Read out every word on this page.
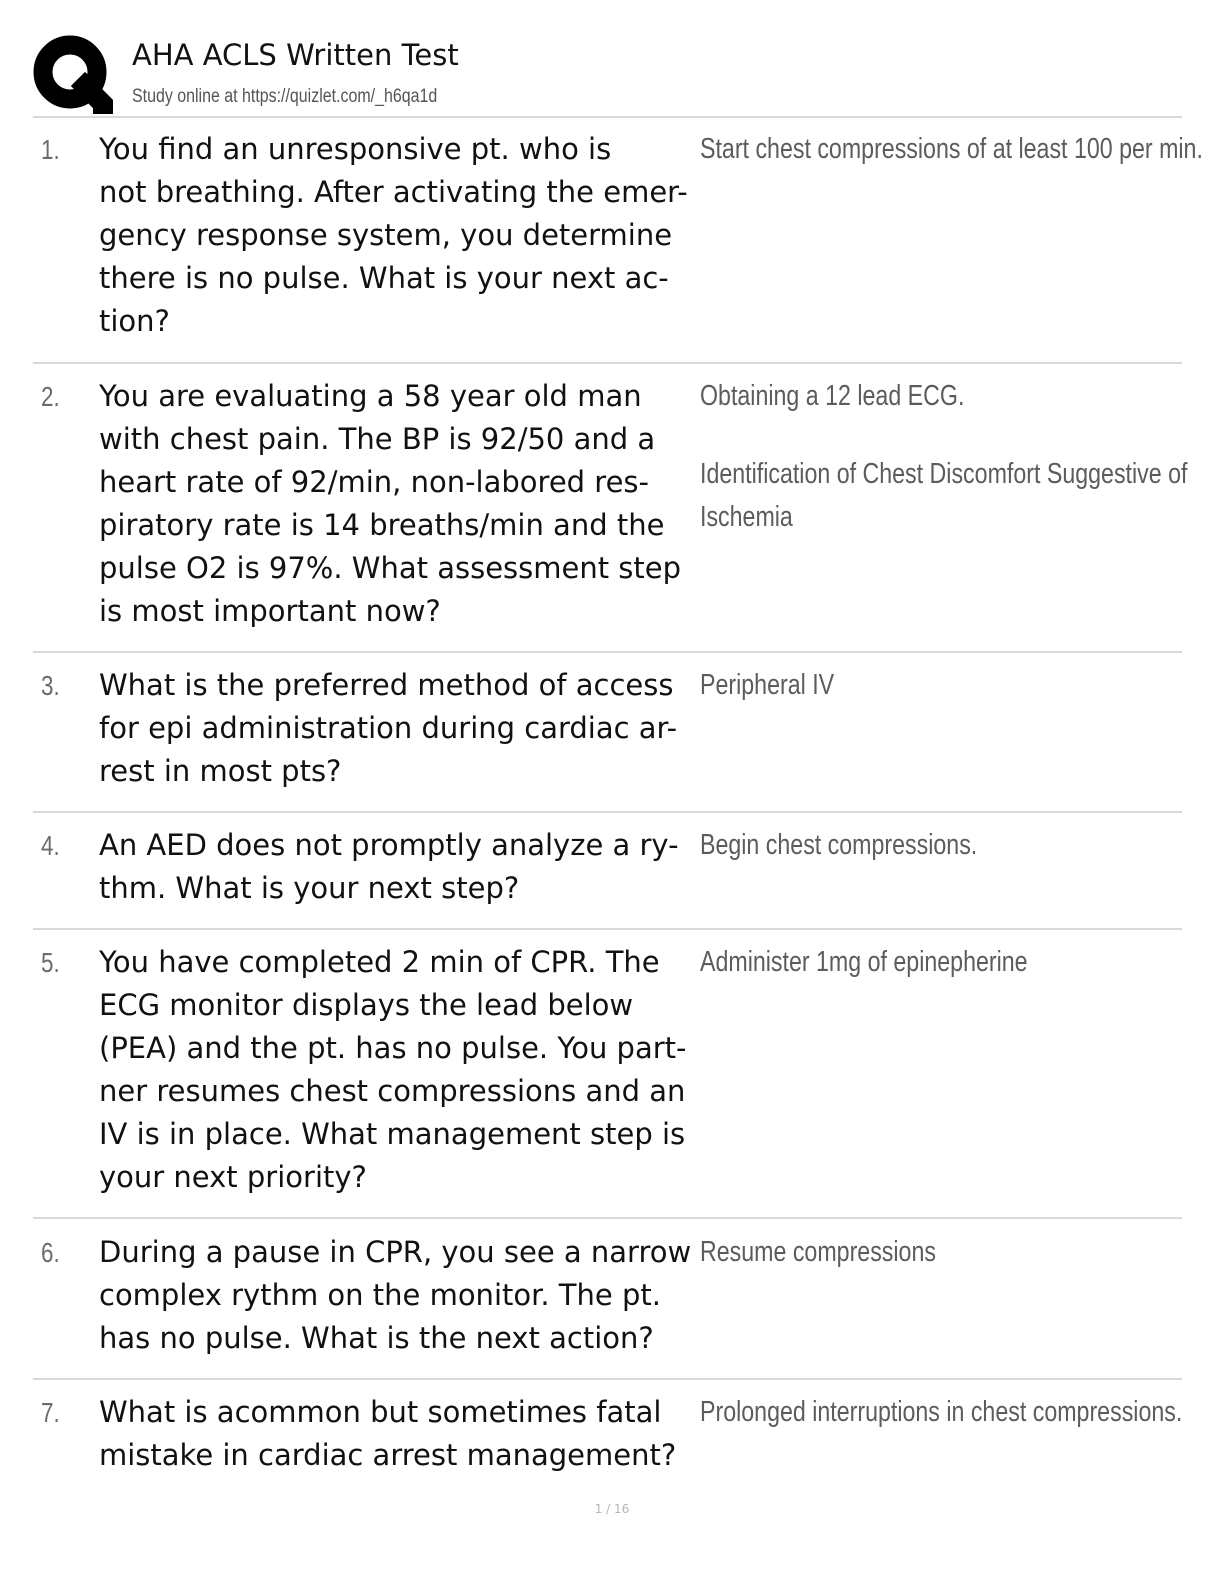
AHA ACLS Written Test
Study online at https://quizlet.com/_h6qa1d
1. You find an unresponsive pt. who is
not breathing. After activating the emer-
gency response system, you determine
there is no pulse. What is your next ac-
tion?
Start chest compressions of at least 100 per min.
2. You are evaluating a 58 year old man
with chest pain. The BP is 92/50 and a
heart rate of 92/min, non-labored res-
piratory rate is 14 breaths/min and the
pulse O2 is 97%. What assessment step
is most important now?
Obtaining a 12 lead ECG.
Identification of Chest Discomfort Suggestive of
Ischemia
3. What is the preferred method of access
for epi administration during cardiac ar-
rest in most pts?
Peripheral IV
4. An AED does not promptly analyze a ry-
thm. What is your next step?
Begin chest compressions.
5. You have completed 2 min of CPR. The
ECG monitor displays the lead below
(PEA) and the pt. has no pulse. You part-
ner resumes chest compressions and an
IV is in place. What management step is
your next priority?
Administer 1mg of epinepherine
6. During a pause in CPR, you see a narrow
complex rythm on the monitor. The pt.
has no pulse. What is the next action?
Resume compressions
7. What is acommon but sometimes fatal
mistake in cardiac arrest management?
Prolonged interruptions in chest compressions.
1 / 16
